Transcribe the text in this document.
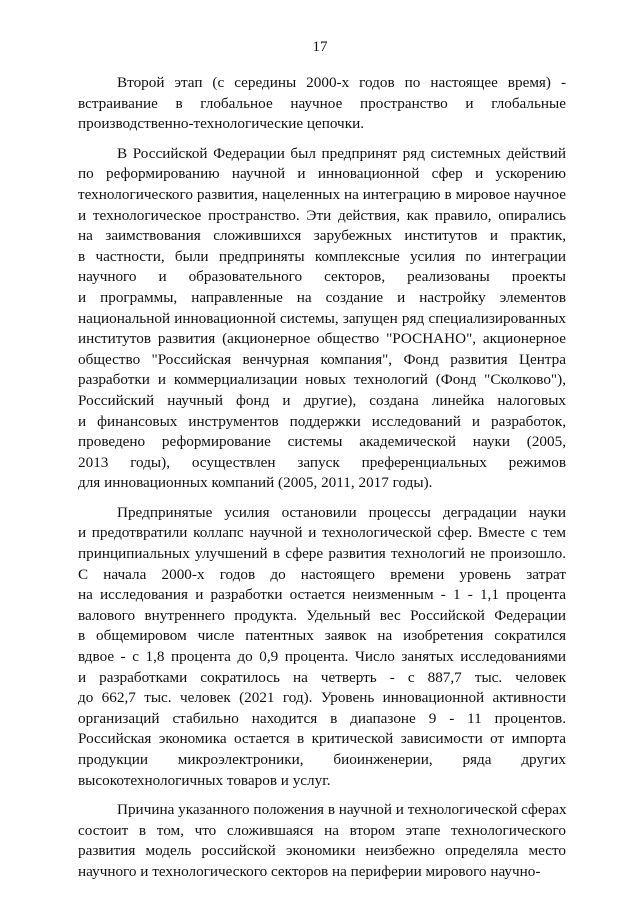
17
Второй этап (с середины 2000-х годов по настоящее время) -
встраивание в глобальное научное пространство и глобальные
производственно-технологические цепочки.
В Российской Федерации был предпринят ряд системных действий
по реформированию научной и инновационной сфер и ускорению
технологического развития, нацеленных на интеграцию в мировое научное
и технологическое пространство. Эти действия, как правило, опирались
на заимствования сложившихся зарубежных институтов и практик,
в частности, были предприняты комплексные усилия по интеграции
научного и образовательного секторов, реализованы проекты
и программы, направленные на создание и настройку элементов
национальной инновационной системы, запущен ряд специализированных
институтов развития (акционерное общество "РОСНАНО", акционерное
общество "Российская венчурная компания", Фонд развития Центра
разработки и коммерциализации новых технологий (Фонд "Сколково"),
Российский научный фонд и другие), создана линейка налоговых
и финансовых инструментов поддержки исследований и разработок,
проведено реформирование системы академической науки (2005,
2013 годы), осуществлен запуск преференциальных режимов
для инновационных компаний (2005, 2011, 2017 годы).
Предпринятые усилия остановили процессы деградации науки
и предотвратили коллапс научной и технологической сфер. Вместе с тем
принципиальных улучшений в сфере развития технологий не произошло.
С начала 2000-х годов до настоящего времени уровень затрат
на исследования и разработки остается неизменным - 1 - 1,1 процента
валового внутреннего продукта. Удельный вес Российской Федерации
в общемировом числе патентных заявок на изобретения сократился
вдвое - с 1,8 процента до 0,9 процента. Число занятых исследованиями
и разработками сократилось на четверть - с 887,7 тыс. человек
до 662,7 тыс. человек (2021 год). Уровень инновационной активности
организаций стабильно находится в диапазоне 9 - 11 процентов.
Российская экономика остается в критической зависимости от импорта
продукции микроэлектроники, биоинженерии, ряда других
высокотехнологичных товаров и услуг.
Причина указанного положения в научной и технологической сферах
состоит в том, что сложившаяся на втором этапе технологического
развития модель российской экономики неизбежно определяла место
научного и технологического секторов на периферии мирового научно-
